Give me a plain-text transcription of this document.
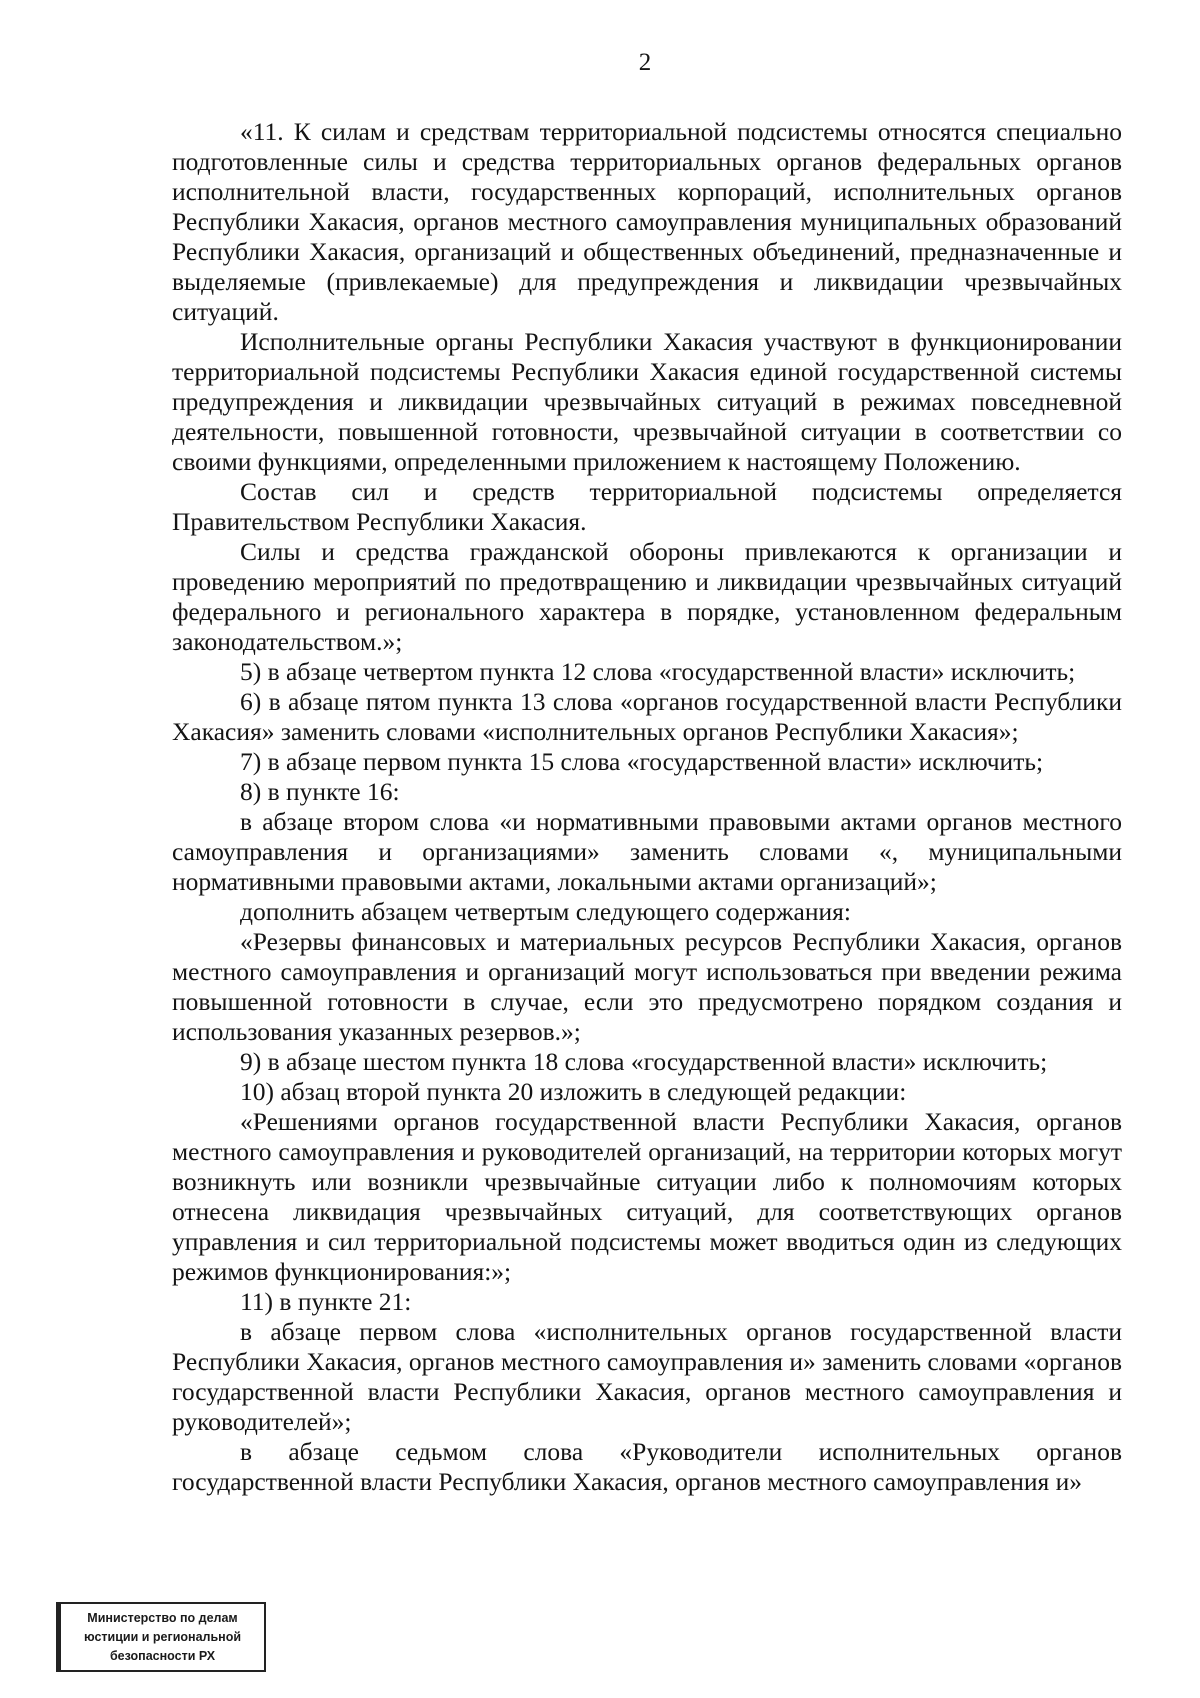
2

«11. К силам и средствам территориальной подсистемы относятся специально подготовленные силы и средства территориальных органов федеральных органов исполнительной власти, государственных корпораций, исполнительных органов Республики Хакасия, органов местного самоуправления муниципальных образований Республики Хакасия, организаций и общественных объединений, предназначенные и выделяемые (привлекаемые) для предупреждения и ликвидации чрезвычайных ситуаций.

Исполнительные органы Республики Хакасия участвуют в функционировании территориальной подсистемы Республики Хакасия единой государственной системы предупреждения и ликвидации чрезвычайных ситуаций в режимах повседневной деятельности, повышенной готовности, чрезвычайной ситуации в соответствии со своими функциями, определенными приложением к настоящему Положению.

Состав сил и средств территориальной подсистемы определяется Правительством Республики Хакасия.

Силы и средства гражданской обороны привлекаются к организации и проведению мероприятий по предотвращению и ликвидации чрезвычайных ситуаций федерального и регионального характера в порядке, установленном федеральным законодательством.»;

5) в абзаце четвертом пункта 12 слова «государственной власти» исключить;

6) в абзаце пятом пункта 13 слова «органов государственной власти Республики Хакасия» заменить словами «исполнительных органов Республики Хакасия»;

7) в абзаце первом пункта 15 слова «государственной власти» исключить;

8) в пункте 16:

в абзаце втором слова «и нормативными правовыми актами органов местного самоуправления и организациями» заменить словами «, муниципальными нормативными правовыми актами, локальными актами организаций»;

дополнить абзацем четвертым следующего содержания:

«Резервы финансовых и материальных ресурсов Республики Хакасия, органов местного самоуправления и организаций могут использоваться при введении режима повышенной готовности в случае, если это предусмотрено порядком создания и использования указанных резервов.»;

9) в абзаце шестом пункта 18 слова «государственной власти» исключить;

10) абзац второй пункта 20 изложить в следующей редакции:

«Решениями органов государственной власти Республики Хакасия, органов местного самоуправления и руководителей организаций, на территории которых могут возникнуть или возникли чрезвычайные ситуации либо к полномочиям которых отнесена ликвидация чрезвычайных ситуаций, для соответствующих органов управления и сил территориальной подсистемы может вводиться один из следующих режимов функционирования:»;

11) в пункте 21:

в абзаце первом слова «исполнительных органов государственной власти Республики Хакасия, органов местного самоуправления и» заменить словами «органов государственной власти Республики Хакасия, органов местного самоуправления и руководителей»;

в абзаце седьмом слова «Руководители исполнительных органов государственной власти Республики Хакасия, органов местного самоуправления и»

Министерство по делам
юстиции и региональной
безопасности РХ
